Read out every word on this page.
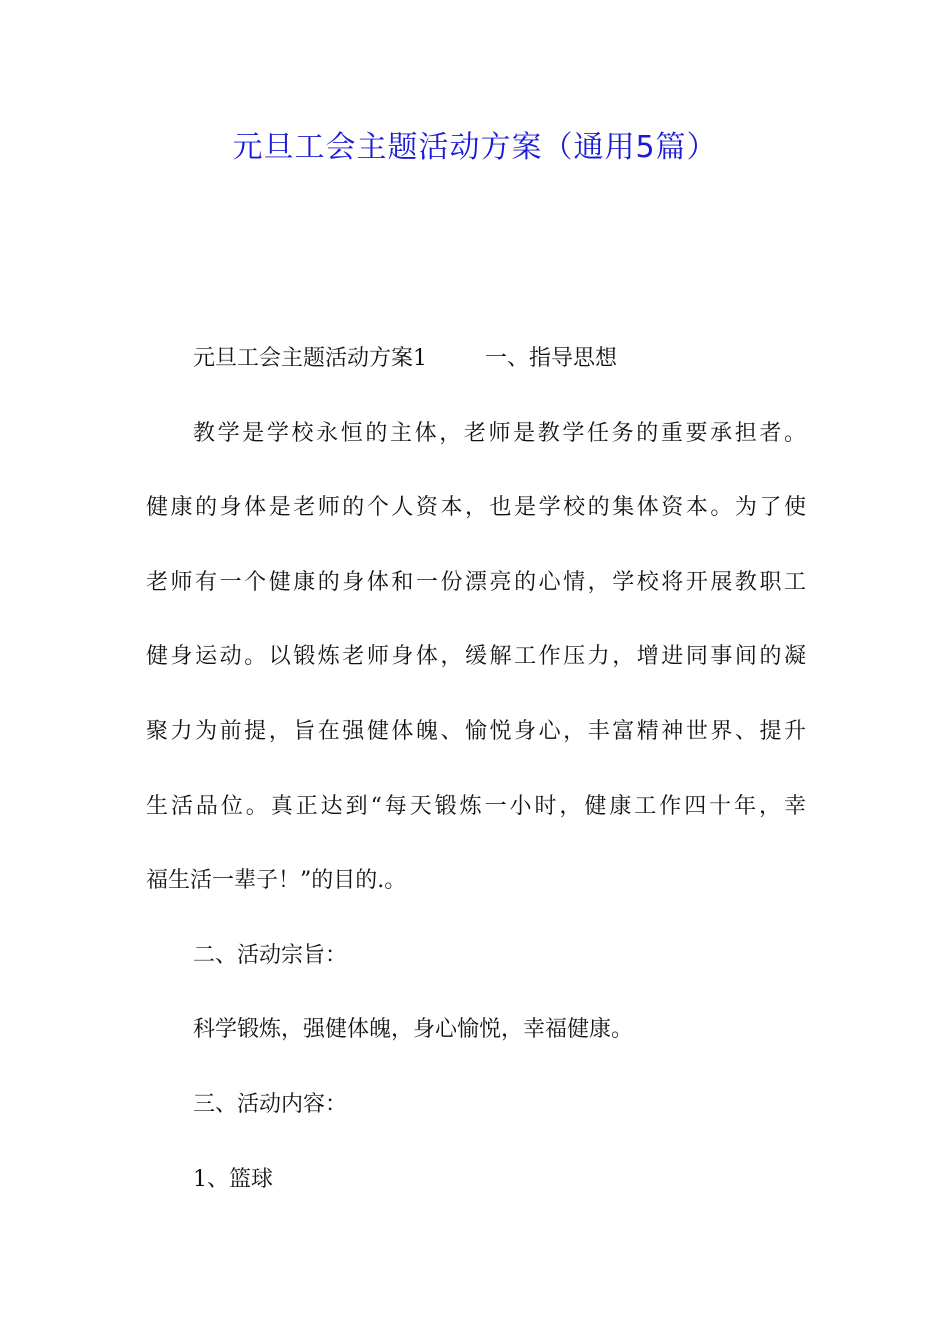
元旦工会主题活动方案（通用5篇）
元旦工会主题活动方案1	一、指导思想
教学是学校永恒的主体，老师是教学任务的重要承担者。
健康的身体是老师的个人资本，也是学校的集体资本。为了使
老师有一个健康的身体和一份漂亮的心情，学校将开展教职工
健身运动。以锻炼老师身体，缓解工作压力，增进同事间的凝
聚力为前提，旨在强健体魄、愉悦身心，丰富精神世界、提升
生活品位。真正达到“每天锻炼一小时，健康工作四十年，幸
福生活一辈子！”的目的.。
二、活动宗旨：
科学锻炼，强健体魄，身心愉悦，幸福健康。
三、活动内容：
1、篮球
